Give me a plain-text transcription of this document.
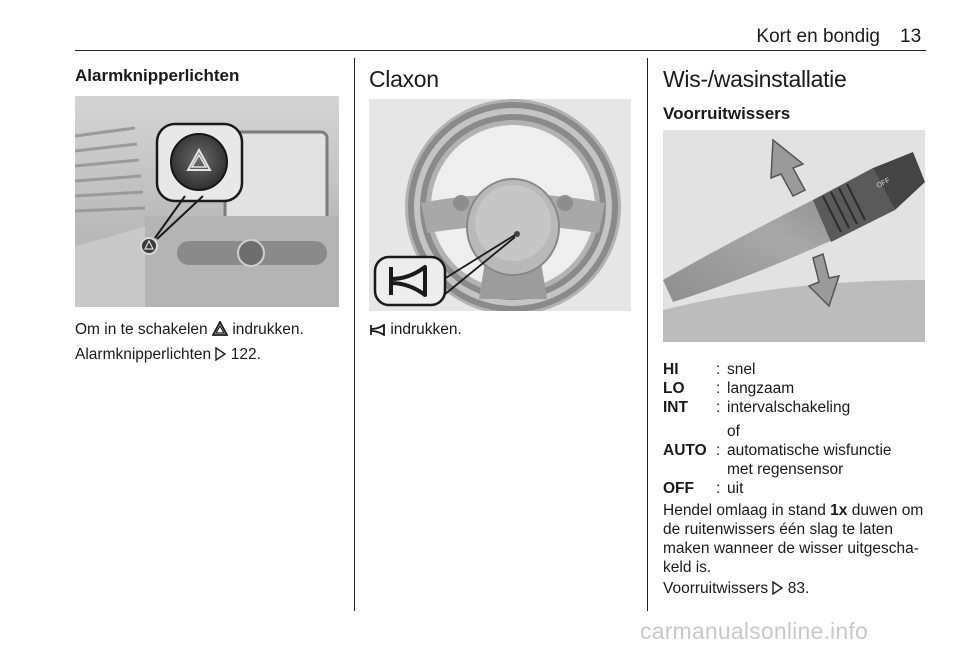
Kort en bondig 13
Alarmknipperlichten
Om in te schakelen indrukken.
Alarmknipperlichten 122.
Claxon
indrukken.
Wis-/wasinstallatie
Voorruitwissers
OFF
HI : snel
LO : langzaam
INT : intervalschakeling
of
AUTO : automatische wisfunctie
met regensensor
OFF : uit
Hendel omlaag in stand 1x duwen om
de ruitenwissers één slag te laten
maken wanneer de wisser uitgescha-
keld is.
Voorruitwissers 83.
carmanualsonline.info
